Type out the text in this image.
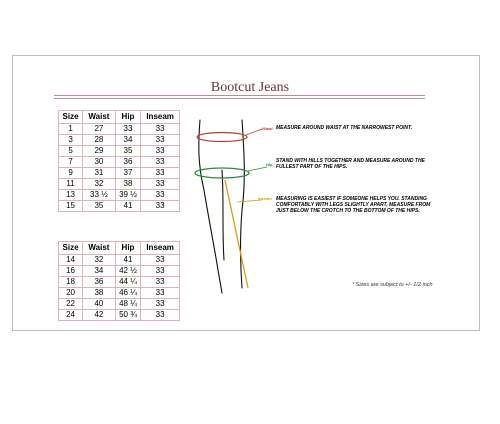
Bootcut Jeans
Size	Waist	Hip	Inseam
1	27	33	33
3	28	34	33
5	29	35	33
7	30	36	33
9	31	37	33
11	32	38	33
13	33 ½	39 ½	33
15	35	41	33
Size	Waist	Hip	Inseam
14	32	41	33
16	34	42 ½	33
18	36	44 ¼	33
20	38	46 ¼	33
22	40	48 ¼	33
24	42	50 ¾	33
Waist
Hip
Inseam
MEASURE AROUND WAIST AT THE NARROWEST POINT.
STAND WITH HILLS TOGETHER AND MEASURE AROUND THE FULLEST PART OF THE HIPS.
MEASURING IS EASIEST IF SOMEONE HELPS YOU. STANDING COMFORTABLY WITH LEGS SLIGHTLY APART, MEASURE FROM JUST BELOW THE CROTCH TO THE BOTTOM OF THE HIPS.
* Sizes are subject to +/- 1/2 inch
